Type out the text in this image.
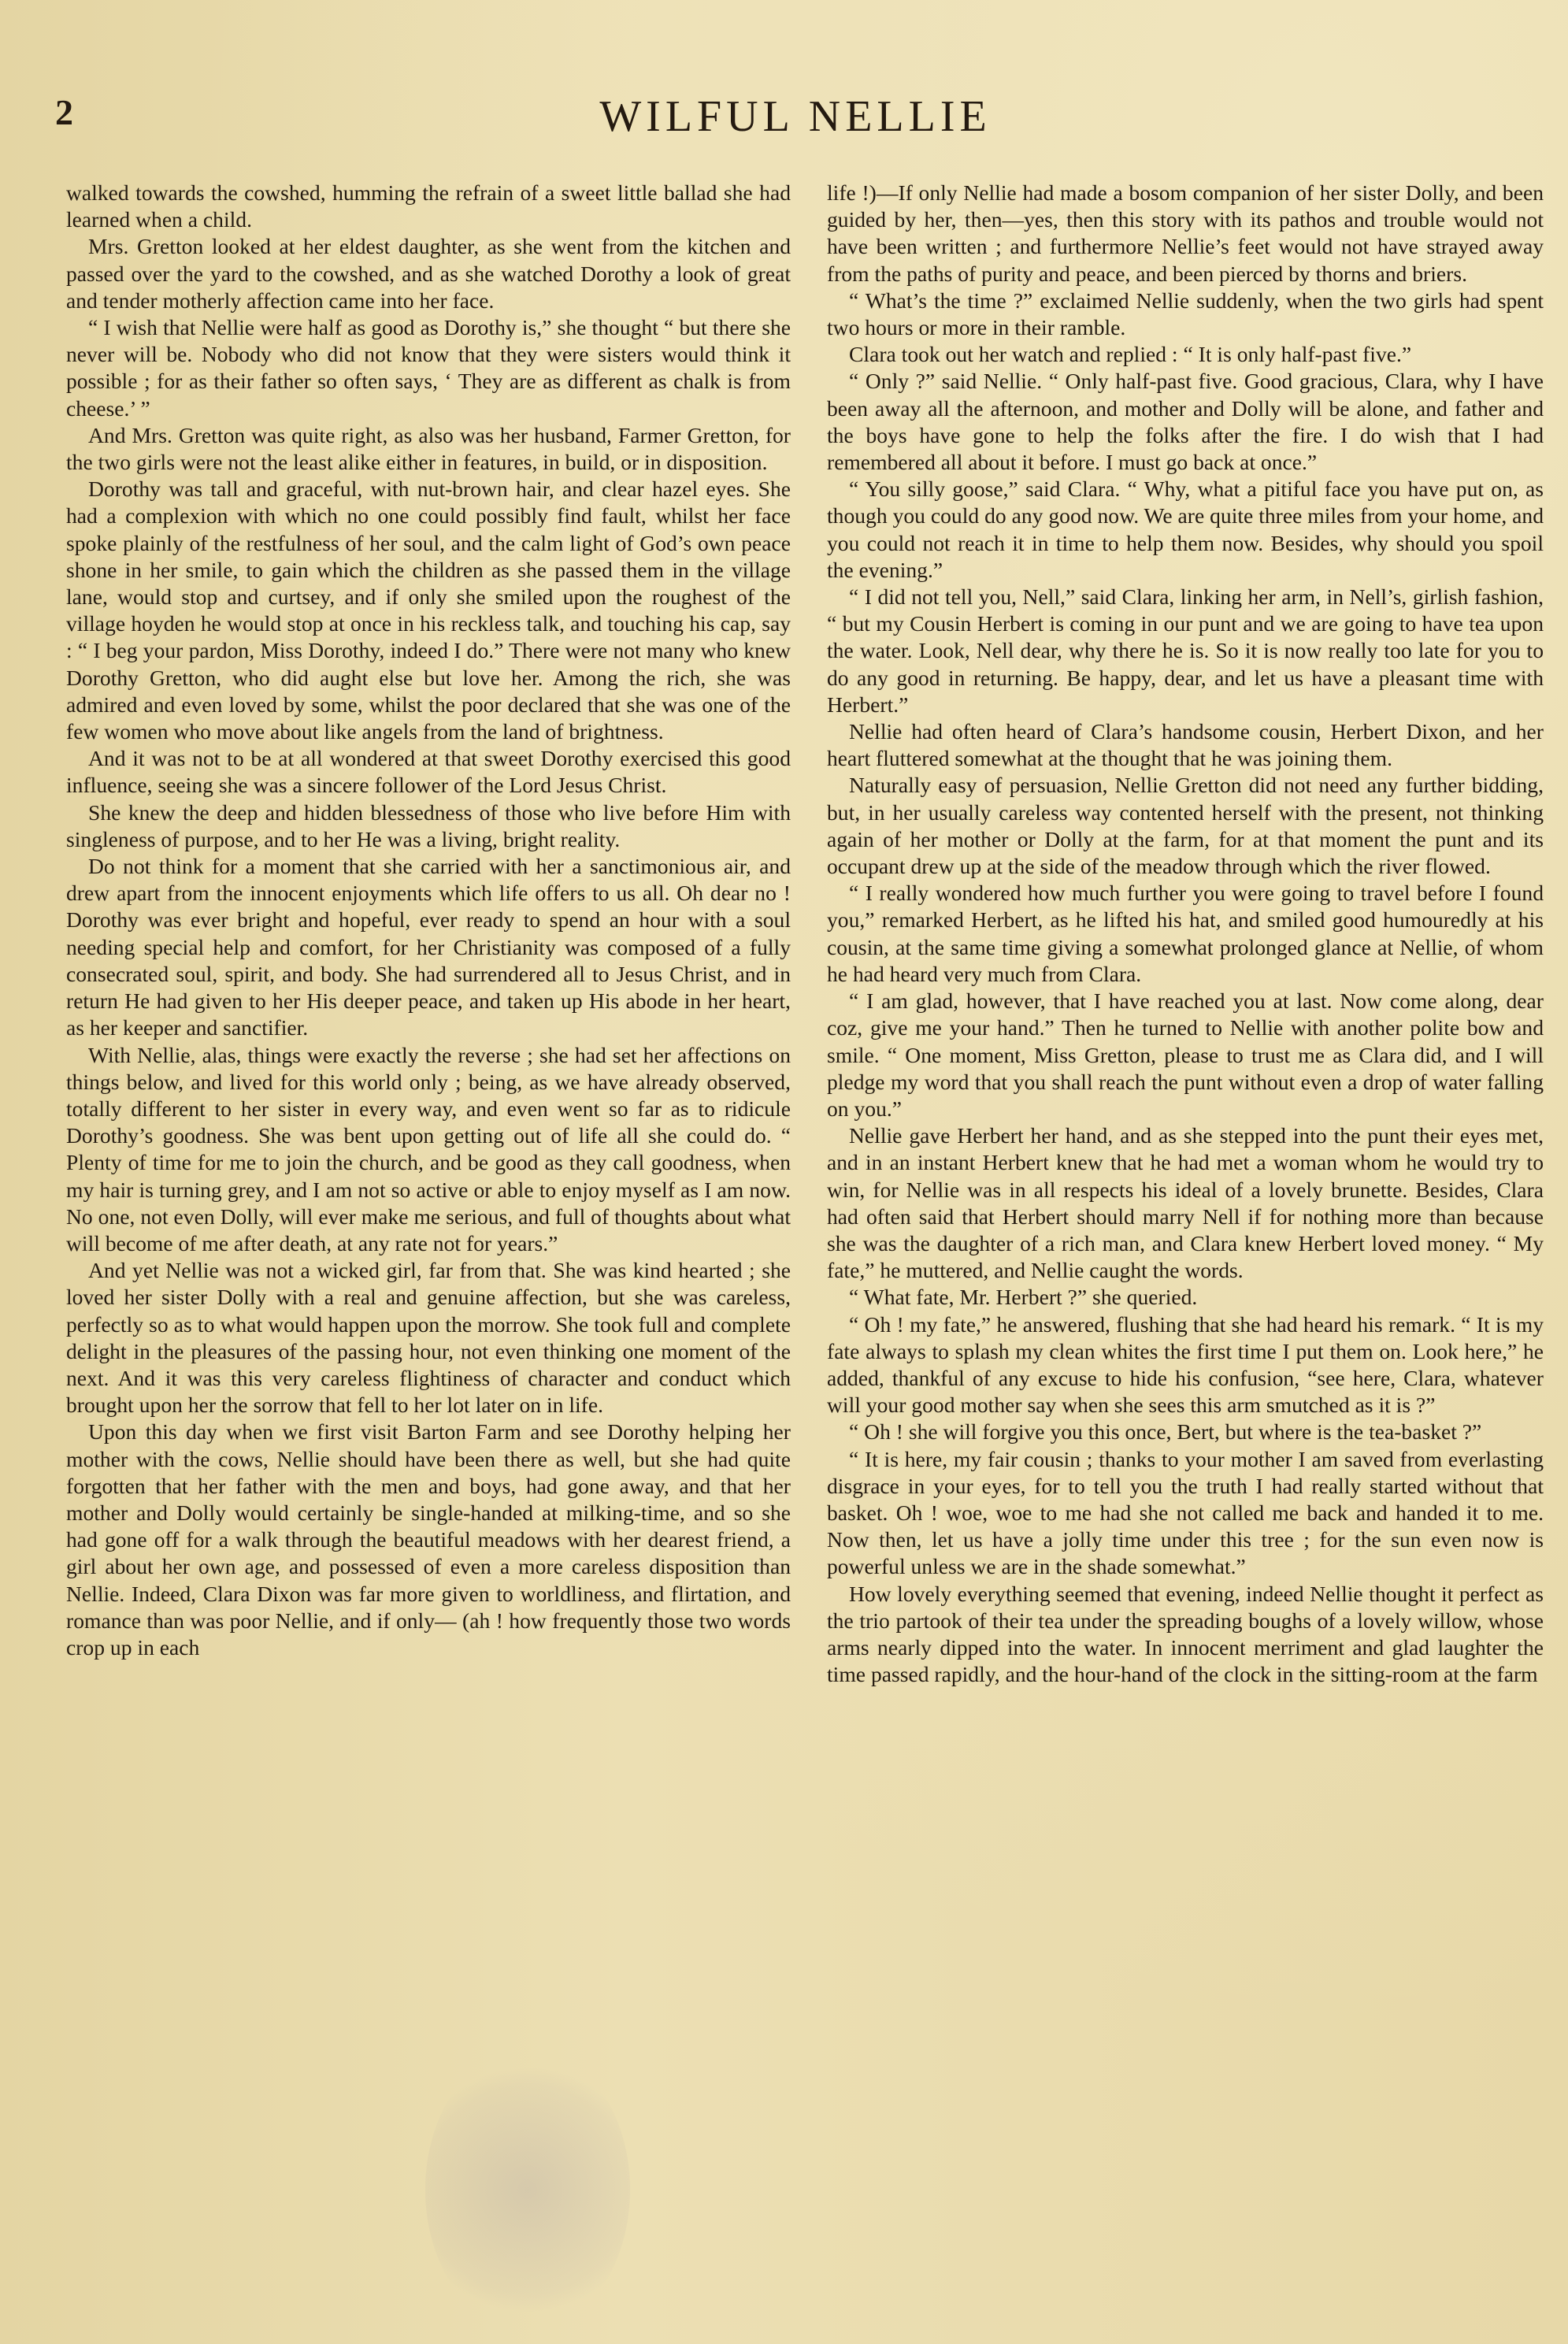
2	WILFUL NELLIE

walked towards the cowshed, humming the refrain of a sweet little ballad she had learned when a child.

Mrs. Gretton looked at her eldest daughter, as she went from the kitchen and passed over the yard to the cowshed, and as she watched Dorothy a look of great and tender motherly affection came into her face.

“ I wish that Nellie were half as good as Dorothy is,” she thought “ but there she never will be. Nobody who did not know that they were sisters would think it possible ; for as their father so often says, ‘ They are as different as chalk is from cheese.’ ”

And Mrs. Gretton was quite right, as also was her husband, Farmer Gretton, for the two girls were not the least alike either in features, in build, or in disposition.

Dorothy was tall and graceful, with nut-brown hair, and clear hazel eyes. She had a complexion with which no one could possibly find fault, whilst her face spoke plainly of the restfulness of her soul, and the calm light of God’s own peace shone in her smile, to gain which the children as she passed them in the village lane, would stop and curtsey, and if only she smiled upon the roughest of the village hoyden he would stop at once in his reckless talk, and touching his cap, say : “ I beg your pardon, Miss Dorothy, indeed I do.” There were not many who knew Dorothy Gretton, who did aught else but love her. Among the rich, she was admired and even loved by some, whilst the poor declared that she was one of the few women who move about like angels from the land of brightness.

And it was not to be at all wondered at that sweet Dorothy exercised this good influence, seeing she was a sincere follower of the Lord Jesus Christ.

She knew the deep and hidden blessedness of those who live before Him with singleness of purpose, and to her He was a living, bright reality.

Do not think for a moment that she carried with her a sanctimonious air, and drew apart from the innocent enjoyments which life offers to us all. Oh dear no ! Dorothy was ever bright and hopeful, ever ready to spend an hour with a soul needing special help and comfort, for her Christianity was composed of a fully consecrated soul, spirit, and body. She had surrendered all to Jesus Christ, and in return He had given to her His deeper peace, and taken up His abode in her heart, as her keeper and sanctifier.

With Nellie, alas, things were exactly the reverse ; she had set her affections on things below, and lived for this world only ; being, as we have already observed, totally different to her sister in every way, and even went so far as to ridicule Dorothy’s goodness. She was bent upon getting out of life all she could do. “ Plenty of time for me to join the church, and be good as they call goodness, when my hair is turning grey, and I am not so active or able to enjoy myself as I am now. No one, not even Dolly, will ever make me serious, and full of thoughts about what will become of me after death, at any rate not for years.”

And yet Nellie was not a wicked girl, far from that. She was kind hearted ; she loved her sister Dolly with a real and genuine affection, but she was careless, perfectly so as to what would happen upon the morrow. She took full and complete delight in the pleasures of the passing hour, not even thinking one moment of the next. And it was this very careless flightiness of character and conduct which brought upon her the sorrow that fell to her lot later on in life.

Upon this day when we first visit Barton Farm and see Dorothy helping her mother with the cows, Nellie should have been there as well, but she had quite forgotten that her father with the men and boys, had gone away, and that her mother and Dolly would certainly be single-handed at milking-time, and so she had gone off for a walk through the beautiful meadows with her dearest friend, a girl about her own age, and possessed of even a more careless disposition than Nellie. Indeed, Clara Dixon was far more given to worldliness, and flirtation, and romance than was poor Nellie, and if only— (ah ! how frequently those two words crop up in each

life !)—If only Nellie had made a bosom companion of her sister Dolly, and been guided by her, then—yes, then this story with its pathos and trouble would not have been written ; and furthermore Nellie’s feet would not have strayed away from the paths of purity and peace, and been pierced by thorns and briers.

“ What’s the time ?” exclaimed Nellie suddenly, when the two girls had spent two hours or more in their ramble.

Clara took out her watch and replied : “ It is only half-past five.”

“ Only ?” said Nellie. “ Only half-past five. Good gracious, Clara, why I have been away all the afternoon, and mother and Dolly will be alone, and father and the boys have gone to help the folks after the fire. I do wish that I had remembered all about it before. I must go back at once.”

“ You silly goose,” said Clara. “ Why, what a pitiful face you have put on, as though you could do any good now. We are quite three miles from your home, and you could not reach it in time to help them now. Besides, why should you spoil the evening.”

“ I did not tell you, Nell,” said Clara, linking her arm, in Nell’s, girlish fashion, “ but my Cousin Herbert is coming in our punt and we are going to have tea upon the water. Look, Nell dear, why there he is. So it is now really too late for you to do any good in returning. Be happy, dear, and let us have a pleasant time with Herbert.”

Nellie had often heard of Clara’s handsome cousin, Herbert Dixon, and her heart fluttered somewhat at the thought that he was joining them.

Naturally easy of persuasion, Nellie Gretton did not need any further bidding, but, in her usually careless way contented herself with the present, not thinking again of her mother or Dolly at the farm, for at that moment the punt and its occupant drew up at the side of the meadow through which the river flowed.

“ I really wondered how much further you were going to travel before I found you,” remarked Herbert, as he lifted his hat, and smiled good humouredly at his cousin, at the same time giving a somewhat prolonged glance at Nellie, of whom he had heard very much from Clara.

“ I am glad, however, that I have reached you at last. Now come along, dear coz, give me your hand.” Then he turned to Nellie with another polite bow and smile. “ One moment, Miss Gretton, please to trust me as Clara did, and I will pledge my word that you shall reach the punt without even a drop of water falling on you.”

Nellie gave Herbert her hand, and as she stepped into the punt their eyes met, and in an instant Herbert knew that he had met a woman whom he would try to win, for Nellie was in all respects his ideal of a lovely brunette. Besides, Clara had often said that Herbert should marry Nell if for nothing more than because she was the daughter of a rich man, and Clara knew Herbert loved money. “ My fate,” he muttered, and Nellie caught the words.

“ What fate, Mr. Herbert ?” she queried.

“ Oh ! my fate,” he answered, flushing that she had heard his remark. “ It is my fate always to splash my clean whites the first time I put them on. Look here,” he added, thankful of any excuse to hide his confusion, “see here, Clara, whatever will your good mother say when she sees this arm smutched as it is ?”

“ Oh ! she will forgive you this once, Bert, but where is the tea-basket ?”

“ It is here, my fair cousin ; thanks to your mother I am saved from everlasting disgrace in your eyes, for to tell you the truth I had really started without that basket. Oh ! woe, woe to me had she not called me back and handed it to me. Now then, let us have a jolly time under this tree ; for the sun even now is powerful unless we are in the shade somewhat.”

How lovely everything seemed that evening, indeed Nellie thought it perfect as the trio partook of their tea under the spreading boughs of a lovely willow, whose arms nearly dipped into the water. In innocent merriment and glad laughter the time passed rapidly, and the hour-hand of the clock in the sitting-room at the farm
